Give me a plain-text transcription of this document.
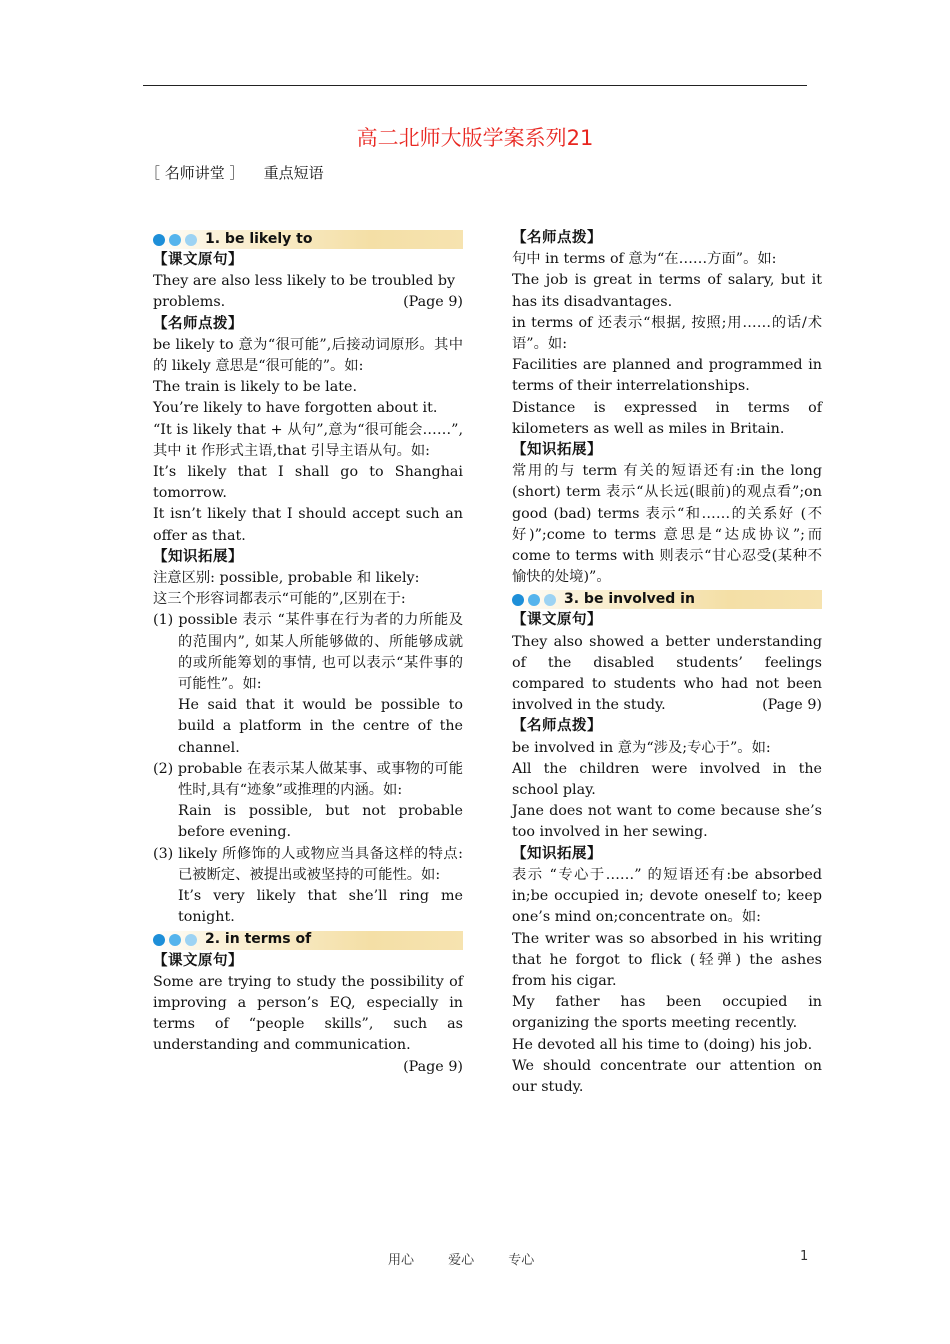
高二北师大版学案系列21
［ 名师讲堂 ］    重点短语
1. be likely to

【课文原句】

They are also less likely to be troubled by
problems.	(Page 9)

【名师点拨】

be likely to 意为“很可能”,后接动词原形。其中的 likely 意思是“很可能的”。如:

The train is likely to be late.

You’re likely to have forgotten about it.

“It is likely that + 从句”,意为“很可能会……”, 其中 it 作形式主语,that 引导主语从句。如:

It’s likely that I shall go to Shanghai tomorrow.

It isn’t likely that I should accept such an offer as that.

【知识拓展】

注意区别: possible, probable 和 likely:

这三个形容词都表示“可能的”,区别在于:

(1) possible 表示 “某件事在行为者的力所能及的范围内”, 如某人所能够做的、所能够成就的或所能筹划的事情, 也可以表示“某件事的可能性”。如:

He said that it would be possible to build a platform in the centre of the channel.

(2) probable 在表示某人做某事、或事物的可能性时,具有“迹象”或推理的内涵。如:

Rain is possible, but not probable before evening.

(3) likely 所修饰的人或物应当具备这样的特点:已被断定、被提出或被坚持的可能性。如:

It’s very likely that she’ll ring me tonight.

2. in terms of

【课文原句】

Some are trying to study the possibility of improving a person’s EQ, especially in terms of “people skills”, such as understanding and communication.
(Page 9)

【名师点拨】

句中 in terms of 意为“在……方面”。如:

The job is great in terms of salary, but it has its disadvantages.

in terms of 还表示“根据, 按照;用……的话/术语”。如:

Facilities are planned and programmed in terms of their interrelationships.

Distance is expressed in terms of kilometers as well as miles in Britain.

【知识拓展】

常用的与 term 有关的短语还有:in the long (short) term 表示“从长远(眼前)的观点看”;on good (bad) terms 表示“和……的关系好 (不好)”;come to terms 意思是“达成协议”;而 come to terms with 则表示“甘心忍受(某种不愉快的处境)”。

3. be involved in

【课文原句】

They also showed a better understanding of the disabled students’ feelings compared to students who had not been involved in the study.	(Page 9)

【名师点拨】

be involved in 意为“涉及;专心于”。如:

All the children were involved in the school play.

Jane does not want to come because she’s too involved in her sewing.

【知识拓展】

表示 “专心于……” 的短语还有:be absorbed in;be occupied in; devote oneself to; keep one’s mind on;concentrate on。如:

The writer was so absorbed in his writing that he forgot to flick (轻弹) the ashes from his cigar.

My father has been occupied in organizing the sports meeting recently.

He devoted all his time to (doing) his job.

We should concentrate our attention on our study.

用心 爱心 专心	1
